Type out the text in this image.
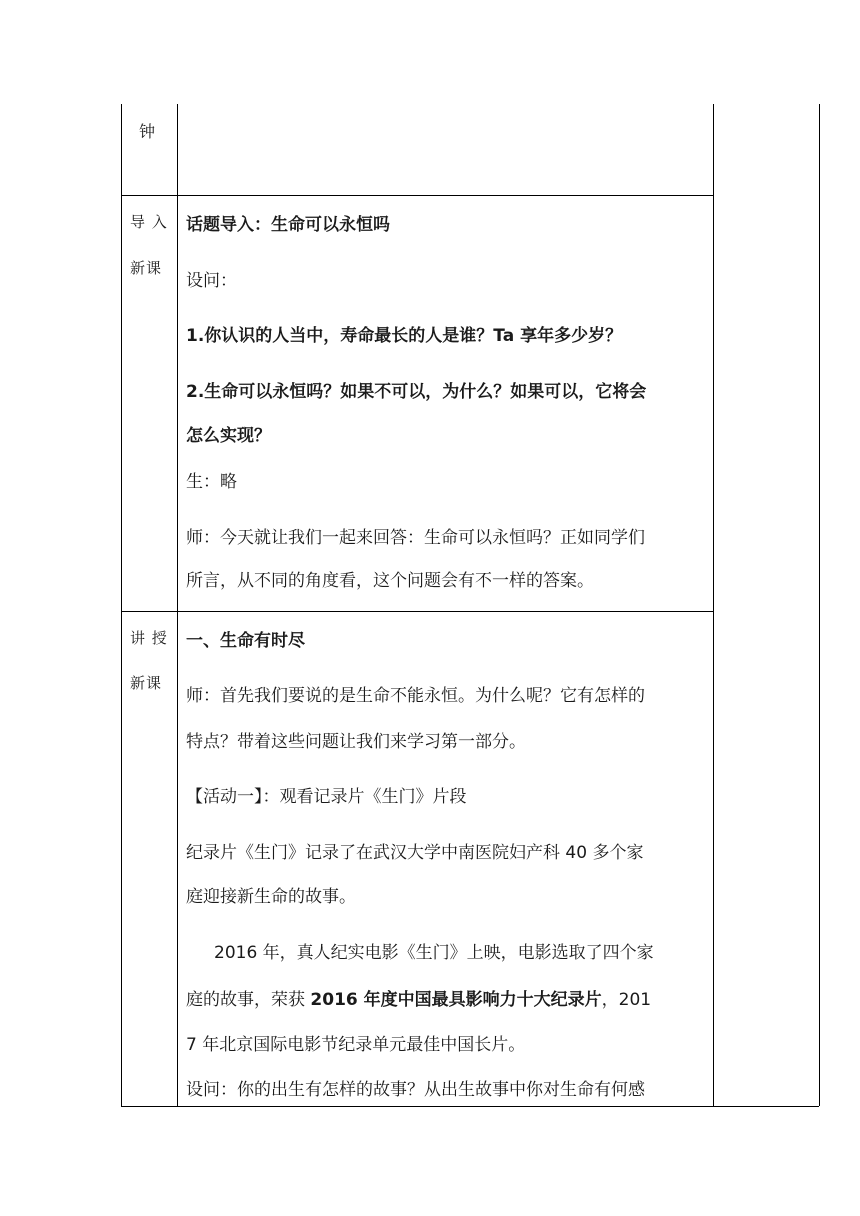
钟
导 入
新课
话题导入：生命可以永恒吗
设问：
1.你认识的人当中，寿命最长的人是谁？Ta 享年多少岁？
2.生命可以永恒吗？如果不可以，为什么？如果可以，它将会
怎么实现？
生：略
师：今天就让我们一起来回答：生命可以永恒吗？正如同学们
所言，从不同的角度看，这个问题会有不一样的答案。
讲 授
新课
一、生命有时尽
师：首先我们要说的是生命不能永恒。为什么呢？它有怎样的
特点？带着这些问题让我们来学习第一部分。
【活动一】：观看记录片《生门》片段
纪录片《生门》记录了在武汉大学中南医院妇产科 40 多个家
庭迎接新生命的故事。
2016 年，真人纪实电影《生门》上映，电影选取了四个家
庭的故事，荣获 2016 年度中国最具影响力十大纪录片，201
7 年北京国际电影节纪录单元最佳中国长片。
设问：你的出生有怎样的故事？从出生故事中你对生命有何感
